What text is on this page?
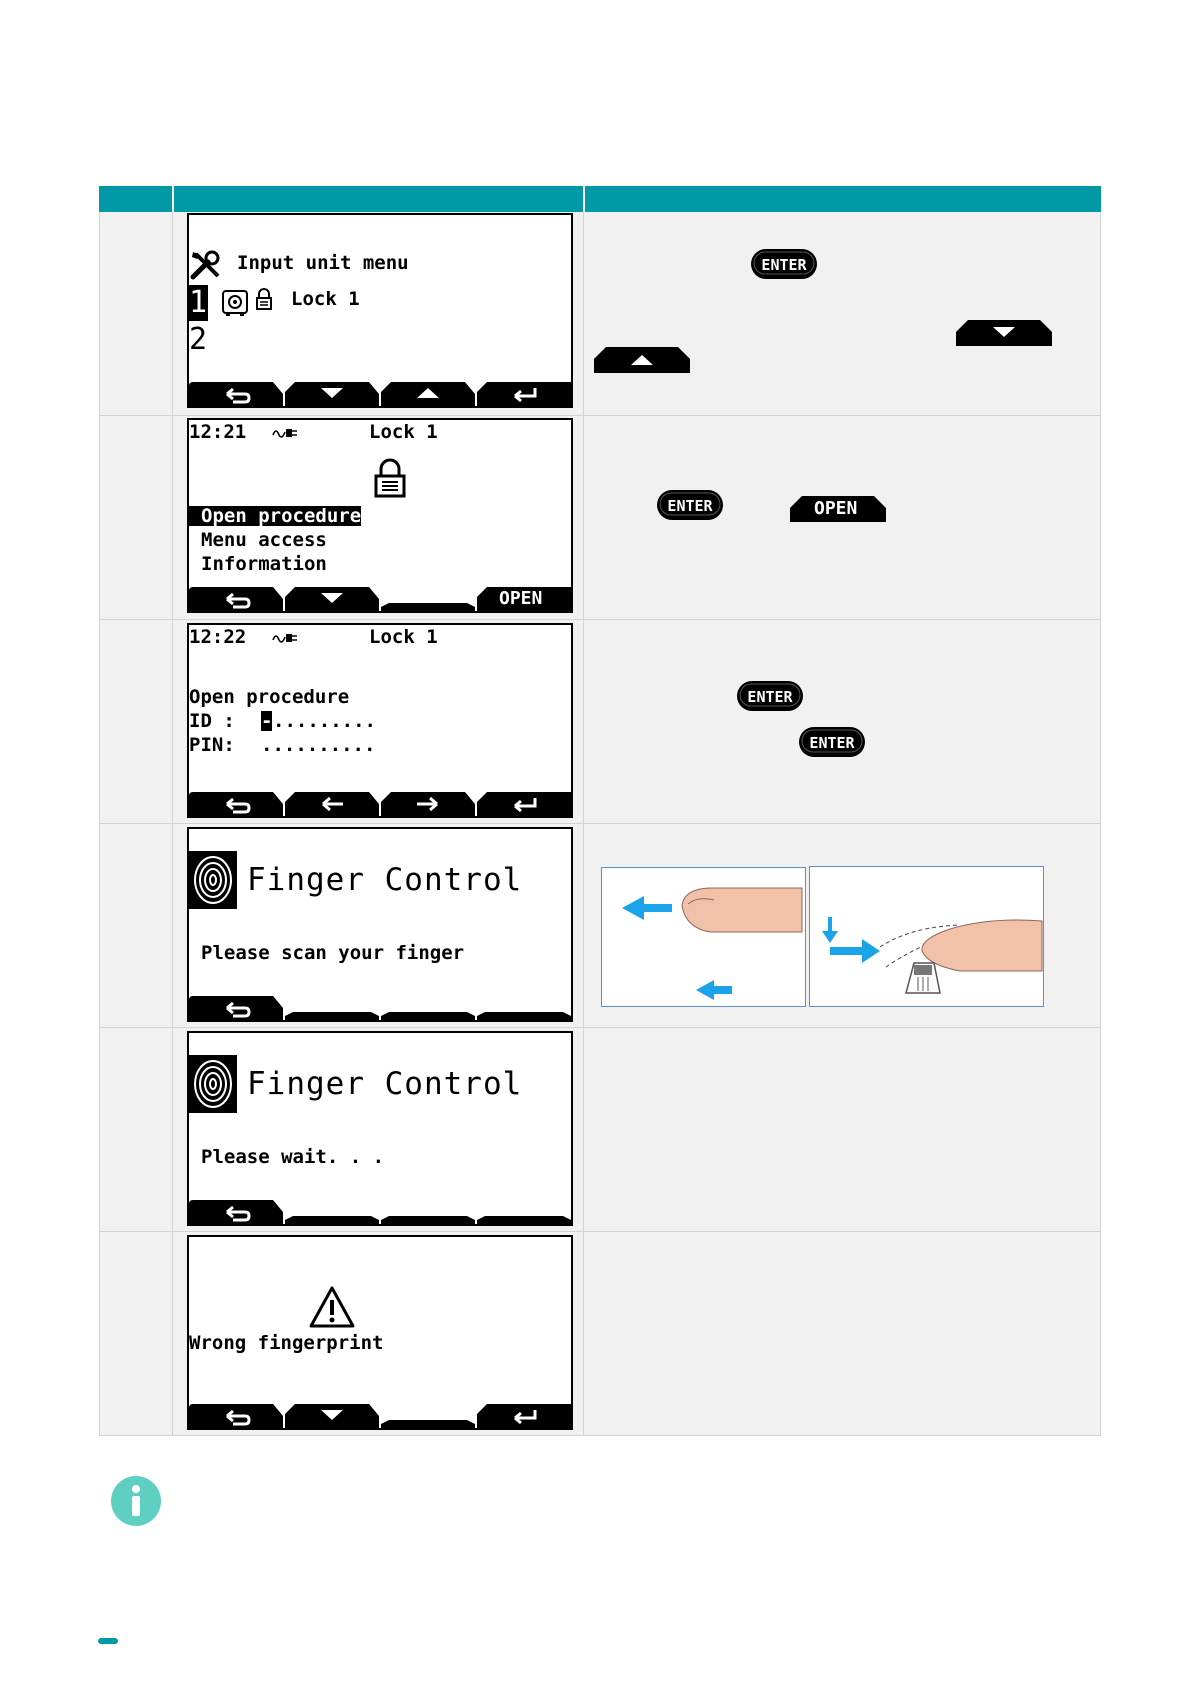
Input unit menu
1	Lock 1
2
ENTER
12:21	Lock 1
Open procedure
Menu access
Information
OPEN
ENTER	OPEN
12:22	Lock 1
Open procedure
ID : - .........
PIN: ..........
ENTER
ENTER
Finger Control
Please scan your finger
Finger Control
Please wait. . .
Wrong fingerprint
